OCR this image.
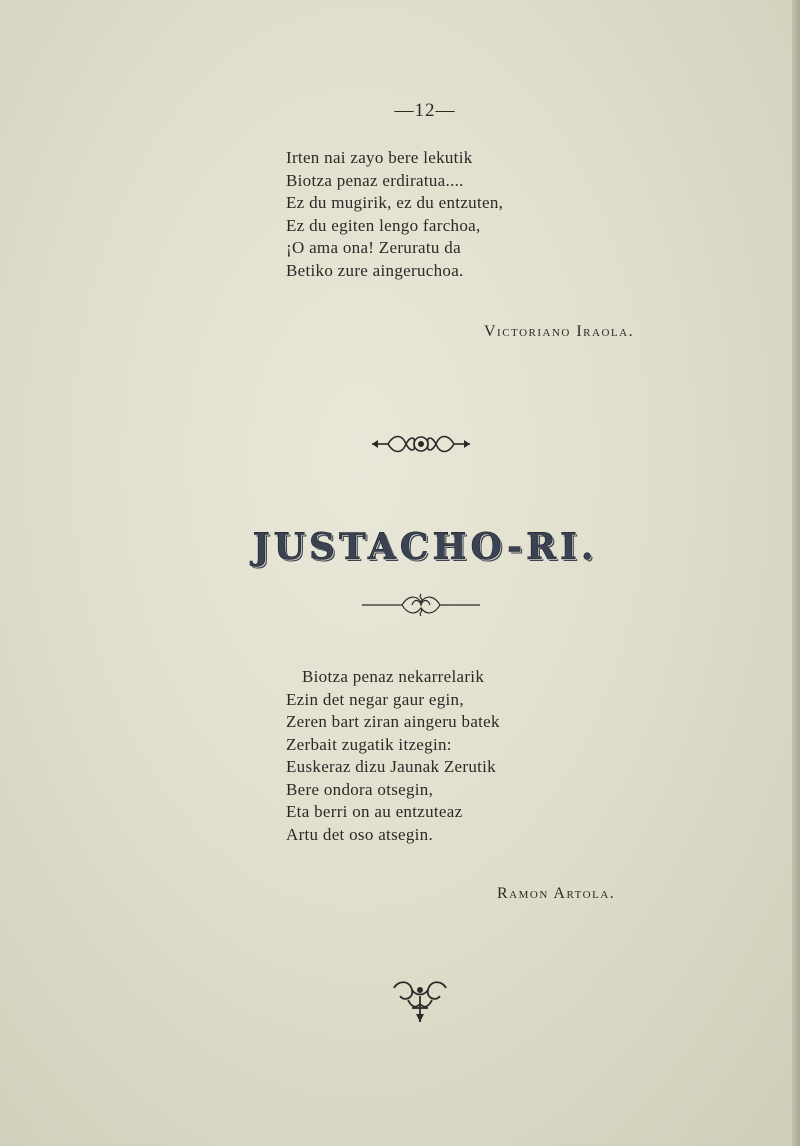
—12—
Irten nai zayo bere lekutik
Biotza penaz erdiratua....
Ez du mugirik, ez du entzuten,
Ez du egiten lengo farchoa,
¡O ama ona! Zeruratu da
Betiko zure aingeruchoa.
Victoriano Iraola.
JUSTACHO-RI.
Biotza penaz nekarrelarik
Ezin det negar gaur egin,
Zeren bart ziran aingeru batek
Zerbait zugatik itzegin:
Euskeraz dizu Jaunak Zerutik
Bere ondora otsegin,
Eta berri on au entzuteaz
Artu det oso atsegin.
Ramon Artola.
